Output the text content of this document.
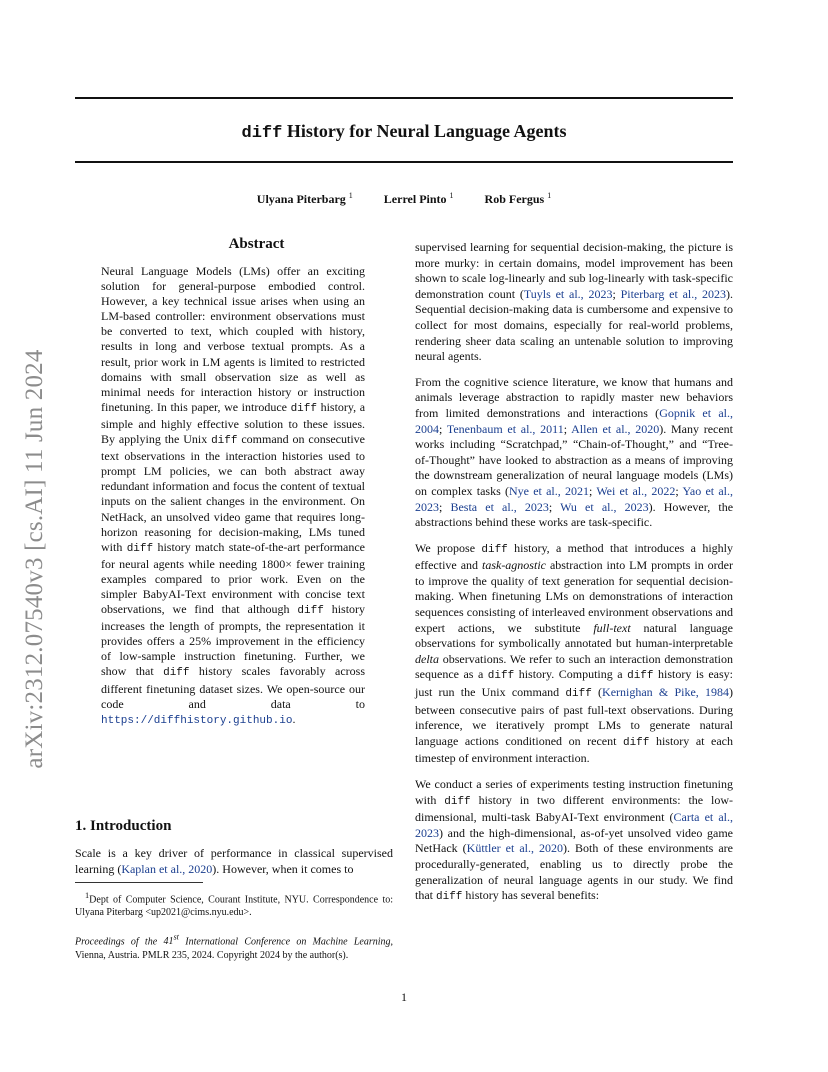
arXiv:2312.07540v3 [cs.AI] 11 Jun 2024
diff History for Neural Language Agents
Ulyana Piterbarg $^1$	Lerrel Pinto $^1$	Rob Fergus $^1$
Abstract
Neural Language Models (LMs) offer an exciting solution for general-purpose embodied control. However, a key technical issue arises when using an LM-based controller: environment observations must be converted to text, which coupled with history, results in long and verbose textual prompts. As a result, prior work in LM agents is limited to restricted domains with small observation size as well as minimal needs for interaction history or instruction finetuning. In this paper, we introduce diff history, a simple and highly effective solution to these issues. By applying the Unix diff command on consecutive text observations in the interaction histories used to prompt LM policies, we can both abstract away redundant information and focus the content of textual inputs on the salient changes in the environment. On NetHack, an unsolved video game that requires long-horizon reasoning for decision-making, LMs tuned with diff history match state-of-the-art performance for neural agents while needing 1800× fewer training examples compared to prior work. Even on the simpler BabyAI-Text environment with concise text observations, we find that although diff history increases the length of prompts, the representation it provides offers a 25% improvement in the efficiency of low-sample instruction finetuning. Further, we show that diff history scales favorably across different finetuning dataset sizes. We open-source our code and data to https://diffhistory.github.io.
1. Introduction
Scale is a key driver of performance in classical supervised learning (Kaplan et al., 2020). However, when it comes to
$^1$Dept of Computer Science, Courant Institute, NYU. Correspondence to: Ulyana Piterbarg <up2021@cims.nyu.edu>.
Proceedings of the 41st International Conference on Machine Learning, Vienna, Austria. PMLR 235, 2024. Copyright 2024 by the author(s).

supervised learning for sequential decision-making, the picture is more murky: in certain domains, model improvement has been shown to scale log-linearly and sub log-linearly with task-specific demonstration count (Tuyls et al., 2023; Piterbarg et al., 2023). Sequential decision-making data is cumbersome and expensive to collect for most domains, especially for real-world problems, rendering sheer data scaling an untenable solution to improving neural agents.

From the cognitive science literature, we know that humans and animals leverage abstraction to rapidly master new behaviors from limited demonstrations and interactions (Gopnik et al., 2004; Tenenbaum et al., 2011; Allen et al., 2020). Many recent works including “Scratchpad,” “Chain-of-Thought,” and “Tree-of-Thought” have looked to abstraction as a means of improving the downstream generalization of neural language models (LMs) on complex tasks (Nye et al., 2021; Wei et al., 2022; Yao et al., 2023; Besta et al., 2023; Wu et al., 2023). However, the abstractions behind these works are task-specific.

We propose diff history, a method that introduces a highly effective and task-agnostic abstraction into LM prompts in order to improve the quality of text generation for sequential decision-making. When finetuning LMs on demonstrations of interaction sequences consisting of interleaved environment observations and expert actions, we substitute full-text natural language observations for symbolically annotated but human-interpretable delta observations. We refer to such an interaction demonstration sequence as a diff history. Computing a diff history is easy: just run the Unix command diff (Kernighan & Pike, 1984) between consecutive pairs of past full-text observations. During inference, we iteratively prompt LMs to generate natural language actions conditioned on recent diff history at each timestep of environment interaction.

We conduct a series of experiments testing instruction finetuning with diff history in two different environments: the low-dimensional, multi-task BabyAI-Text environment (Carta et al., 2023) and the high-dimensional, as-of-yet unsolved video game NetHack (Küttler et al., 2020). Both of these environments are procedurally-generated, enabling us to directly probe the generalization of neural language agents in our study. We find that diff history has several benefits:

1
